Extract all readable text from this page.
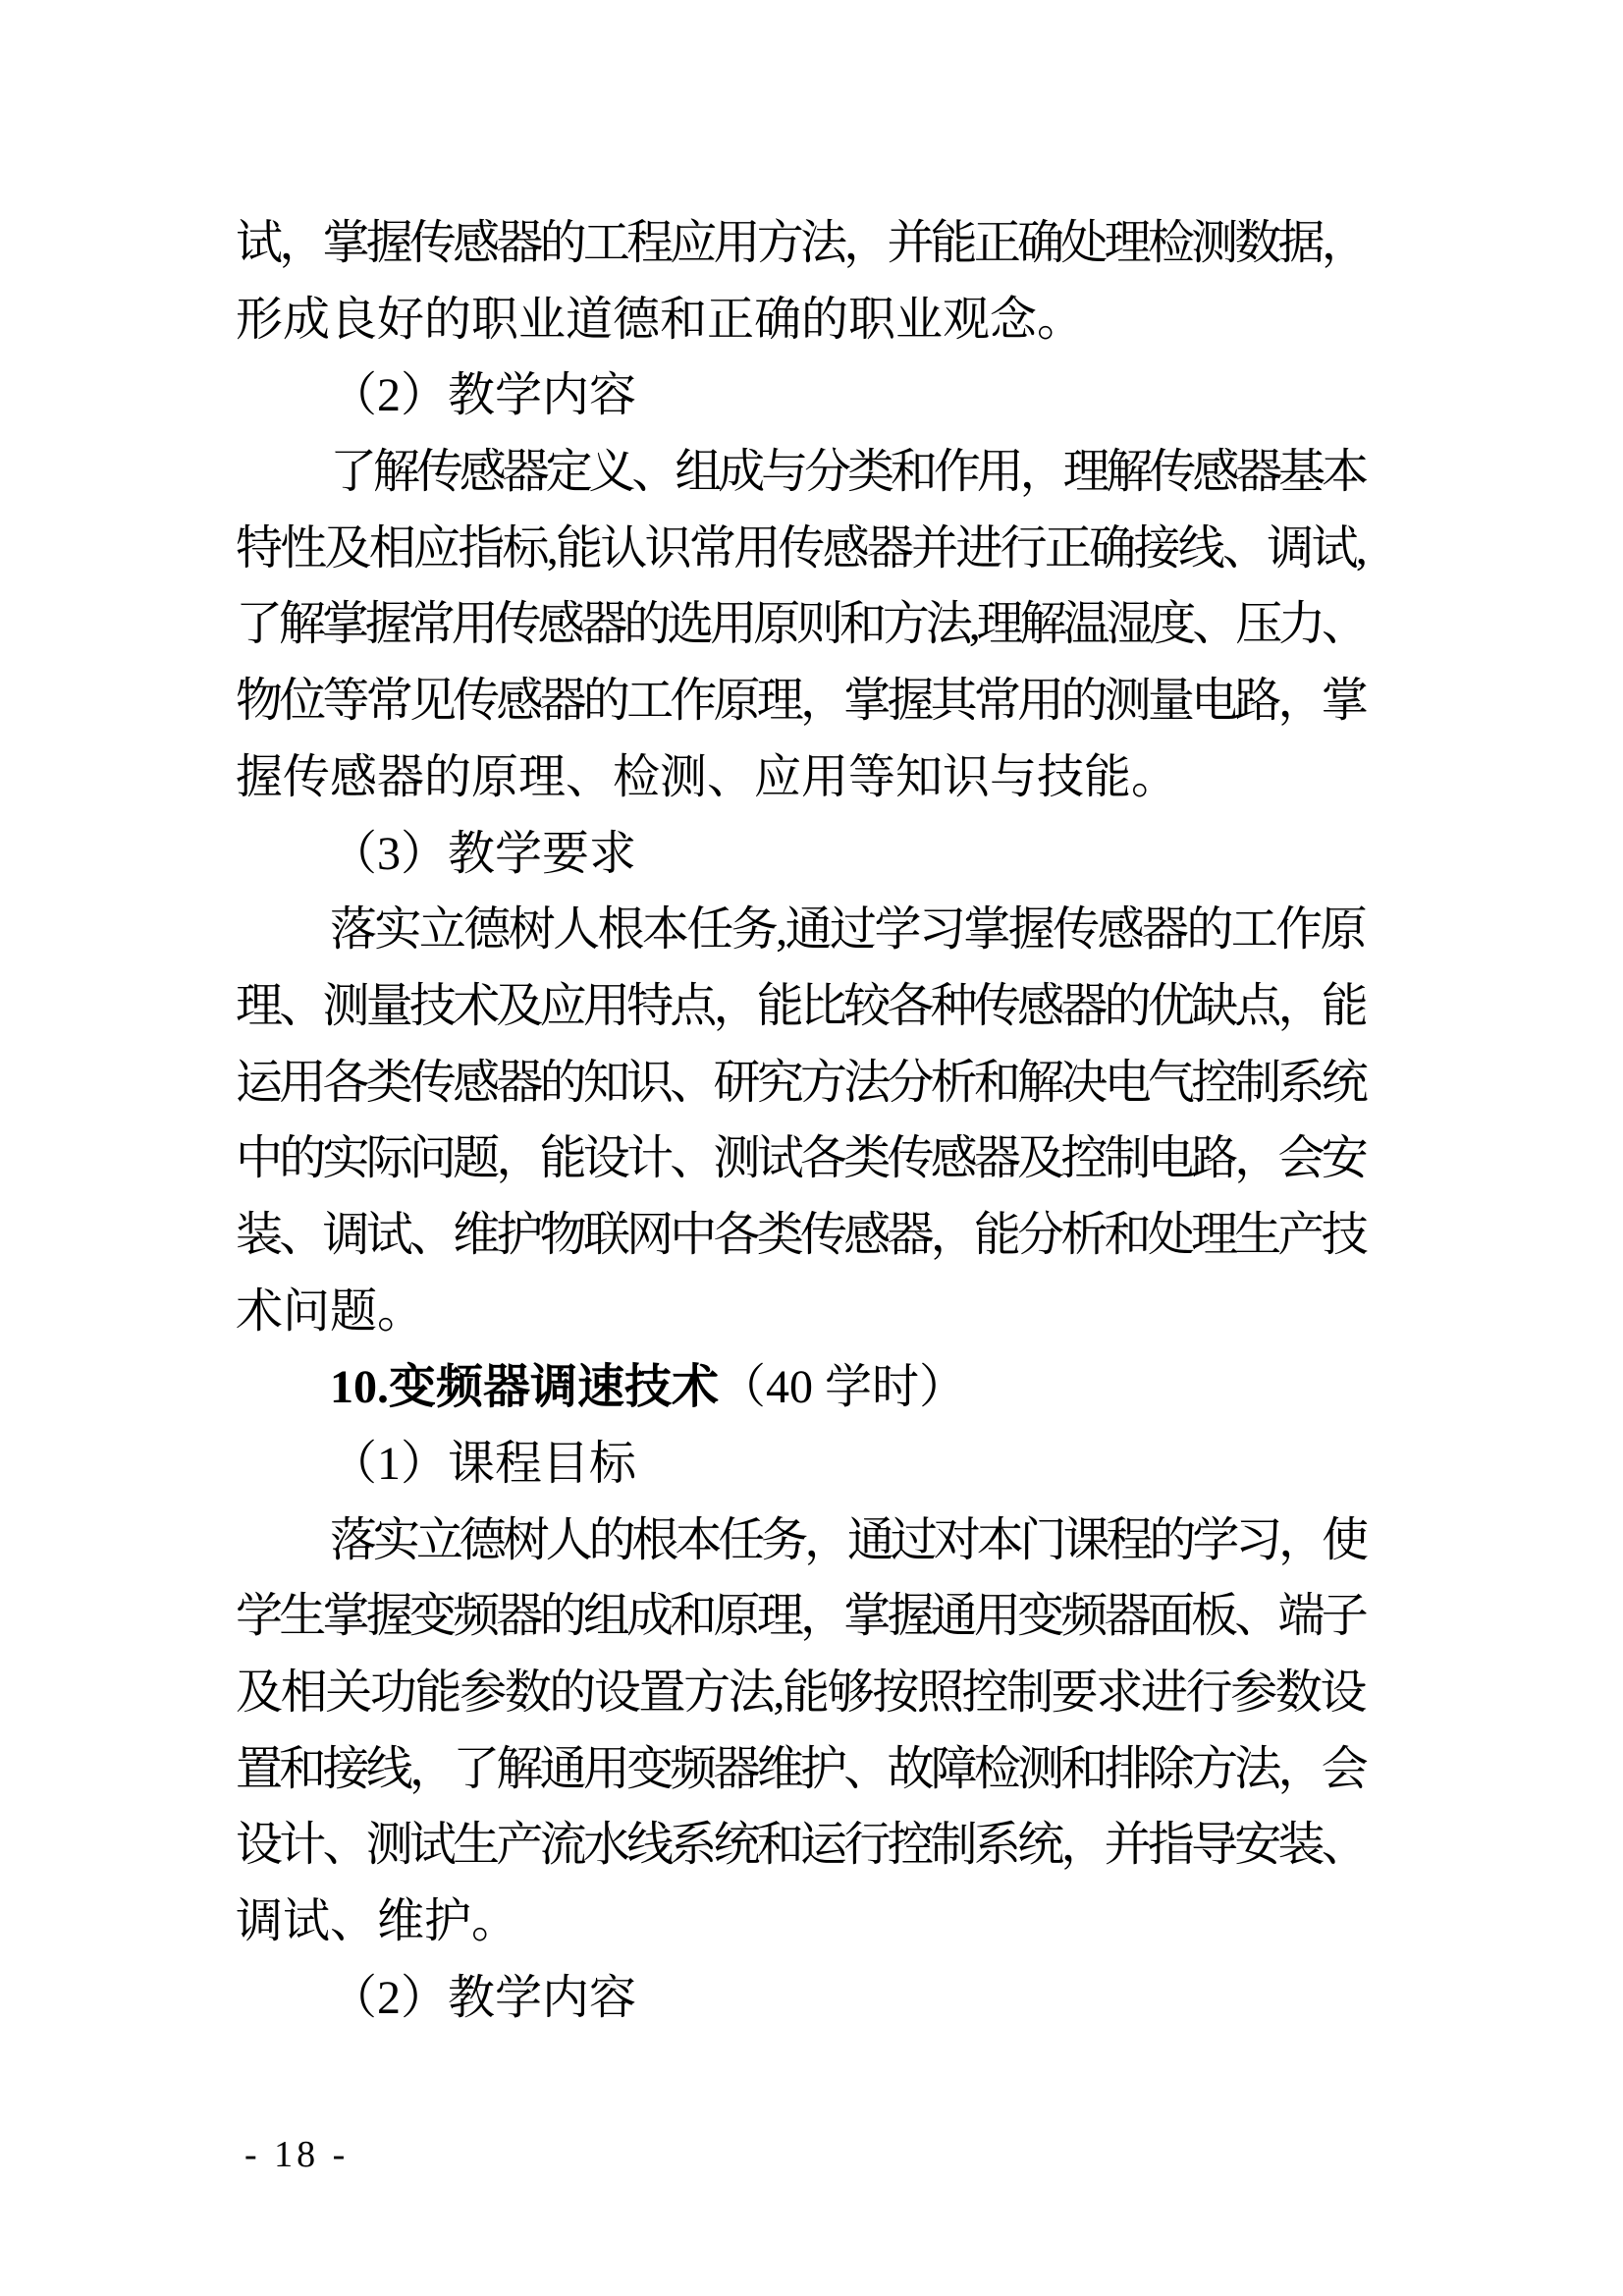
试，掌握传感器的工程应用方法，并能正确处理检测数据，
形成良好的职业道德和正确的职业观念。
（2）教学内容
了解传感器定义、组成与分类和作用，理解传感器基本
特性及相应指标,能认识常用传感器并进行正确接线、调试,
了解掌握常用传感器的选用原则和方法,理解温湿度、压力、
物位等常见传感器的工作原理，掌握其常用的测量电路，掌
握传感器的原理、检测、应用等知识与技能。
（3）教学要求
落实立德树人根本任务,通过学习掌握传感器的工作原
理、测量技术及应用特点，能比较各种传感器的优缺点，能
运用各类传感器的知识、研究方法分析和解决电气控制系统
中的实际问题，能设计、测试各类传感器及控制电路，会安
装、调试、维护物联网中各类传感器，能分析和处理生产技
术问题。
10.变频器调速技术（40 学时）
（1）课程目标
落实立德树人的根本任务，通过对本门课程的学习，使
学生掌握变频器的组成和原理，掌握通用变频器面板、端子
及相关功能参数的设置方法,能够按照控制要求进行参数设
置和接线，了解通用变频器维护、故障检测和排除方法，会
设计、测试生产流水线系统和运行控制系统，并指导安装、
调试、维护。
（2）教学内容
- 18 -
